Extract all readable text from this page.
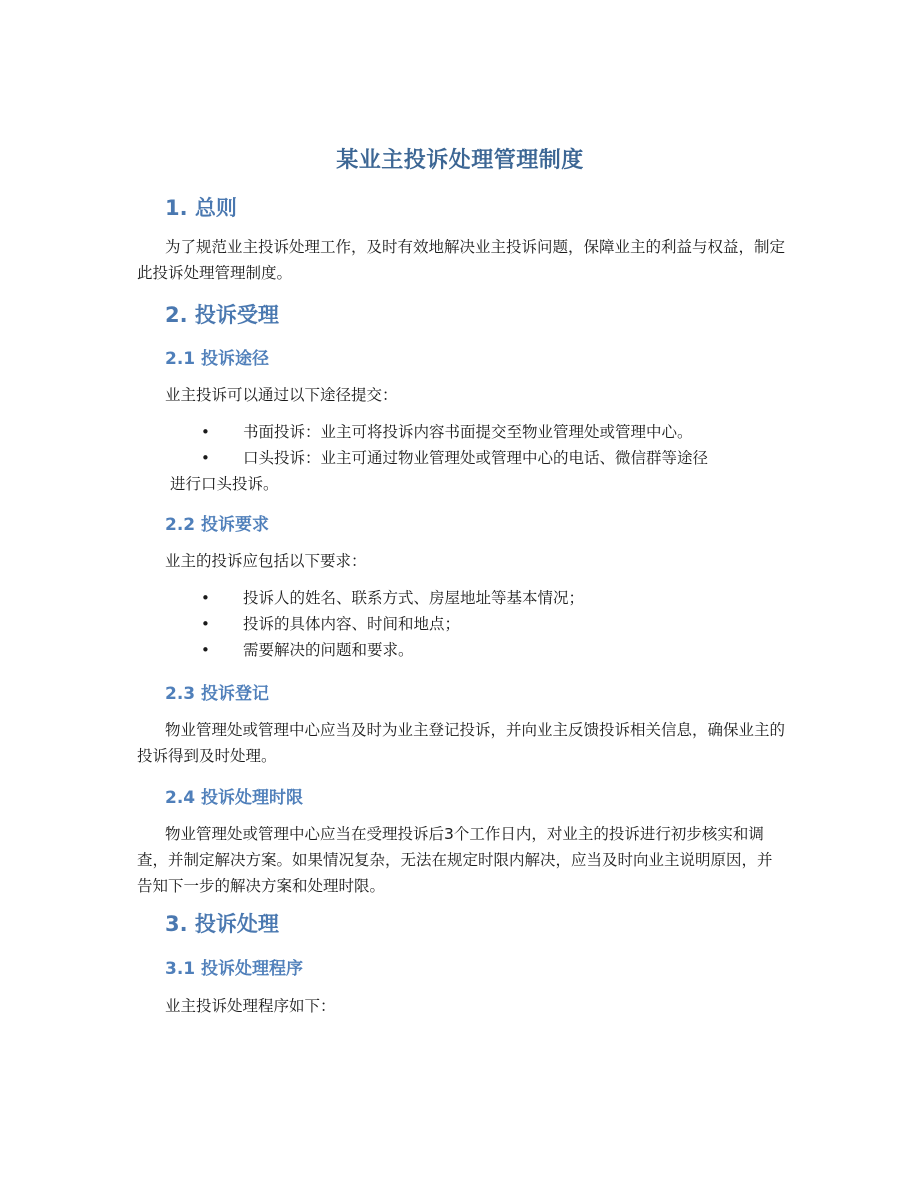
某业主投诉处理管理制度
1. 总则

为了规范业主投诉处理工作，及时有效地解决业主投诉问题，保障业主的利益与权益，制定此投诉处理管理制度。

2. 投诉受理
2.1 投诉途径

业主投诉可以通过以下途径提交：

• 书面投诉：业主可将投诉内容书面提交至物业管理处或管理中心。
• 口头投诉：业主可通过物业管理处或管理中心的电话、微信群等途径
进行口头投诉。
2.2 投诉要求

业主的投诉应包括以下要求：

• 投诉人的姓名、联系方式、房屋地址等基本情况；
• 投诉的具体内容、时间和地点；
• 需要解决的问题和要求。
2.3 投诉登记

物业管理处或管理中心应当及时为业主登记投诉，并向业主反馈投诉相关信息，确保业主的投诉得到及时处理。

2.4 投诉处理时限

物业管理处或管理中心应当在受理投诉后3个工作日内，对业主的投诉进行初步核实和调查，并制定解决方案。如果情况复杂，无法在规定时限内解决，应当及时向业主说明原因，并告知下一步的解决方案和处理时限。

3. 投诉处理
3.1 投诉处理程序

业主投诉处理程序如下：
